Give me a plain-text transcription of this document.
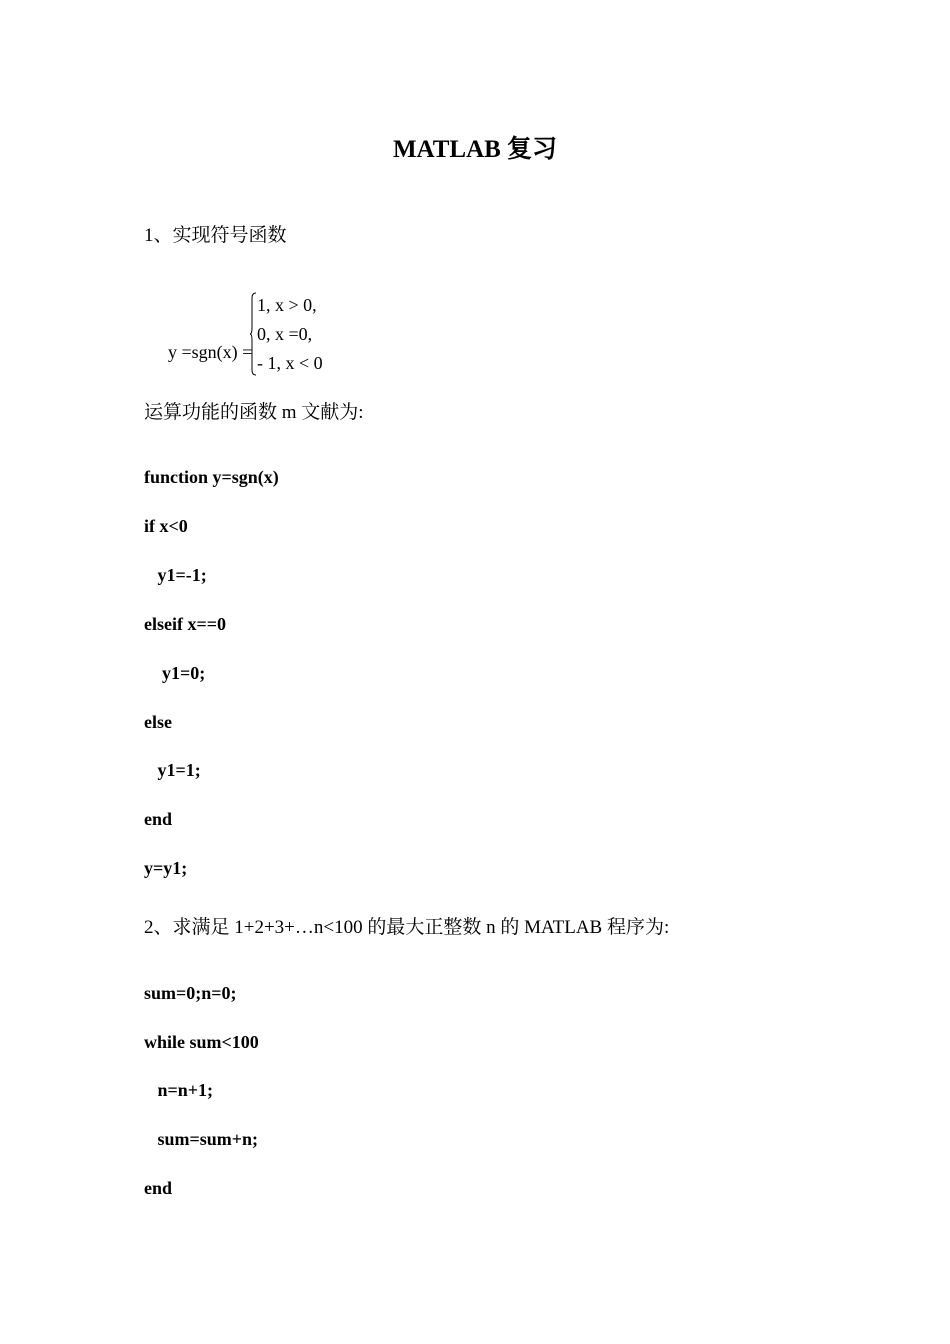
MATLAB 复习
1、实现符号函数

y =sgn(x) =

1, x > 0,
0, x =0,
- 1, x < 0
运算功能的函数 m 文献为:
function y=sgn(x)
if x<0
y1=-1;
elseif x==0
y1=0;
else
y1=1;
end
y=y1;
2、求满足 1+2+3+…n<100 的最大正整数 n 的 MATLAB 程序为:
sum=0;n=0;
while sum<100
n=n+1;
sum=sum+n;
end
